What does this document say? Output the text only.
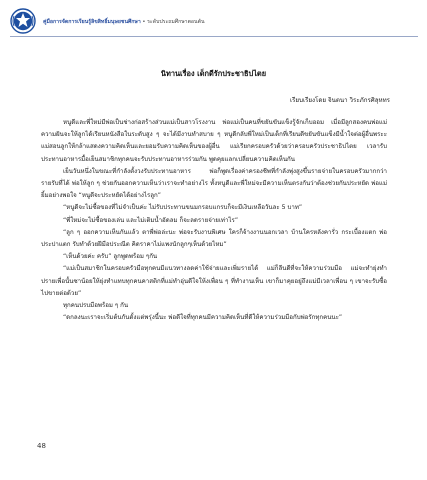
คู่มือการจัดการเรียนรู้ลิขสิทธิ์มนุษยชนศึกษา • ระดับประถมศึกษาตอนต้น
นิทานเรื่อง เด็กดีรักประชาธิปไตย
เรียบเรียงโดย จินตนา วิระภักรศิลุหทร

หนูดีและพี่ใหม่มีพ่อเป็นช่างก่อสร้างส่วนแม่เป็นสาวโรงงาน พ่อแม่เป็นคนที่ขยันขันแข็งรู้จักเก็บออม เมื่อมีลูกสองคนพ่อแม่ความฝันจะให้ลูกได้เรียนหนังสือในระดับสูง ๆ จะได้มีงานทำสบาย ๆ หนูดีกลับพี่ใหม่เป็นเด็กที่เรียนดีขยันขันแข็งมีน้ำใจต่อผู้อื่นพระะแม่สอนลูกให้กล้าแสดงความคิดเห็นและยอมรับความคิดเห็นของผู้อื่น แม่เรียกครอบครัวด้วยว่าครอบครัวประชาธิปไตย เวลารับประทานอาหารมื้อเย็นสมาชิกทุกคนจะรับประทานอาหารร่วมกัน พูดคุยแลกเปลี่ยนความคิดเห็นกัน

เย็นวันหนึ่งในขณะที่กำลังตั้งวงรับประทานอาหาร พ่อก็พูดเรื่องค่าครองชีพที่กำลังพุ่งสูงขึ้นรายจ่ายในครอบครัวมากกว่ารายรับที่ได้ พ่อให้ลูก ๆ ช่วยกันออกความเห็นว่าเราจะทำอย่างไร ทั้งหนูดีและพี่ใหม่จะมีความเห็นตรงกันว่าต้องช่วยกันประหยัด พ่อแม่ยิ้มอย่างพอใจ “หนูดีจะประหยัดได้อย่างไรลูก”

“หนูดีจะไม่ซื้อของที่ไม่จำเป็นค่ะ ไม่รับประทานขนมกรอบแกรบก็จะมีเงินเหลือวันละ 5 บาท”

“พี่ใหม่จะไม่ซื้อของเล่น และไม่เติมน้ำอัดลม ก็จะลดรายจ่ายเท่าไร”

“ลูก ๆ ออกความเห็นกันแล้ว ตาพี่พ่อล่ะนะ พ่อจะรับงานพิเศษ ใครก็จ้างงานนอกเวลา บ้านใครหลังคารั่ว กระเบื้องแตก พ่อประปาแตก รับทำด้วยฝีมือประณีต คิดราคาไม่แพงนักลูกๆเห็นด้วยไหม”

“เห็นด้วยค่ะ ครับ” ลูกพูดพร้อม ๆกัน

“แม่เป็นสมาชิกในครอบครัวมือทุกคนมีแนวทางลดค่าใช้จ่ายและเพิ่มรายได้ แม่ก็ลีนดีที่จะให้ความร่วมมือ แม่จะทำยุ่งทำปรายเพื่อนั้นซาน้อยให้ยุ่งทำแทบทุกคนคาสติกที่แม่ทำอุ่นดีใจให้งเพื่อน ๆ ที่ทำงานเห็น เขาก็มาคุยอยู่ถึงแม่มีเวลาเพื่อน ๆ เขาจะรับซื้อไปขายต่อด้วย”

ทุกคนปรบมือพร้อม ๆ กัน

“ดกลงนะเราจะเริ่มต้นกันตั้งแต่พรุ่งนี้นะ พ่อดีใจที่ทุกคนมีความคิดเห็นที่ดีให้ความร่วมมือกับพ่อรักทุกคนนะ”

48
